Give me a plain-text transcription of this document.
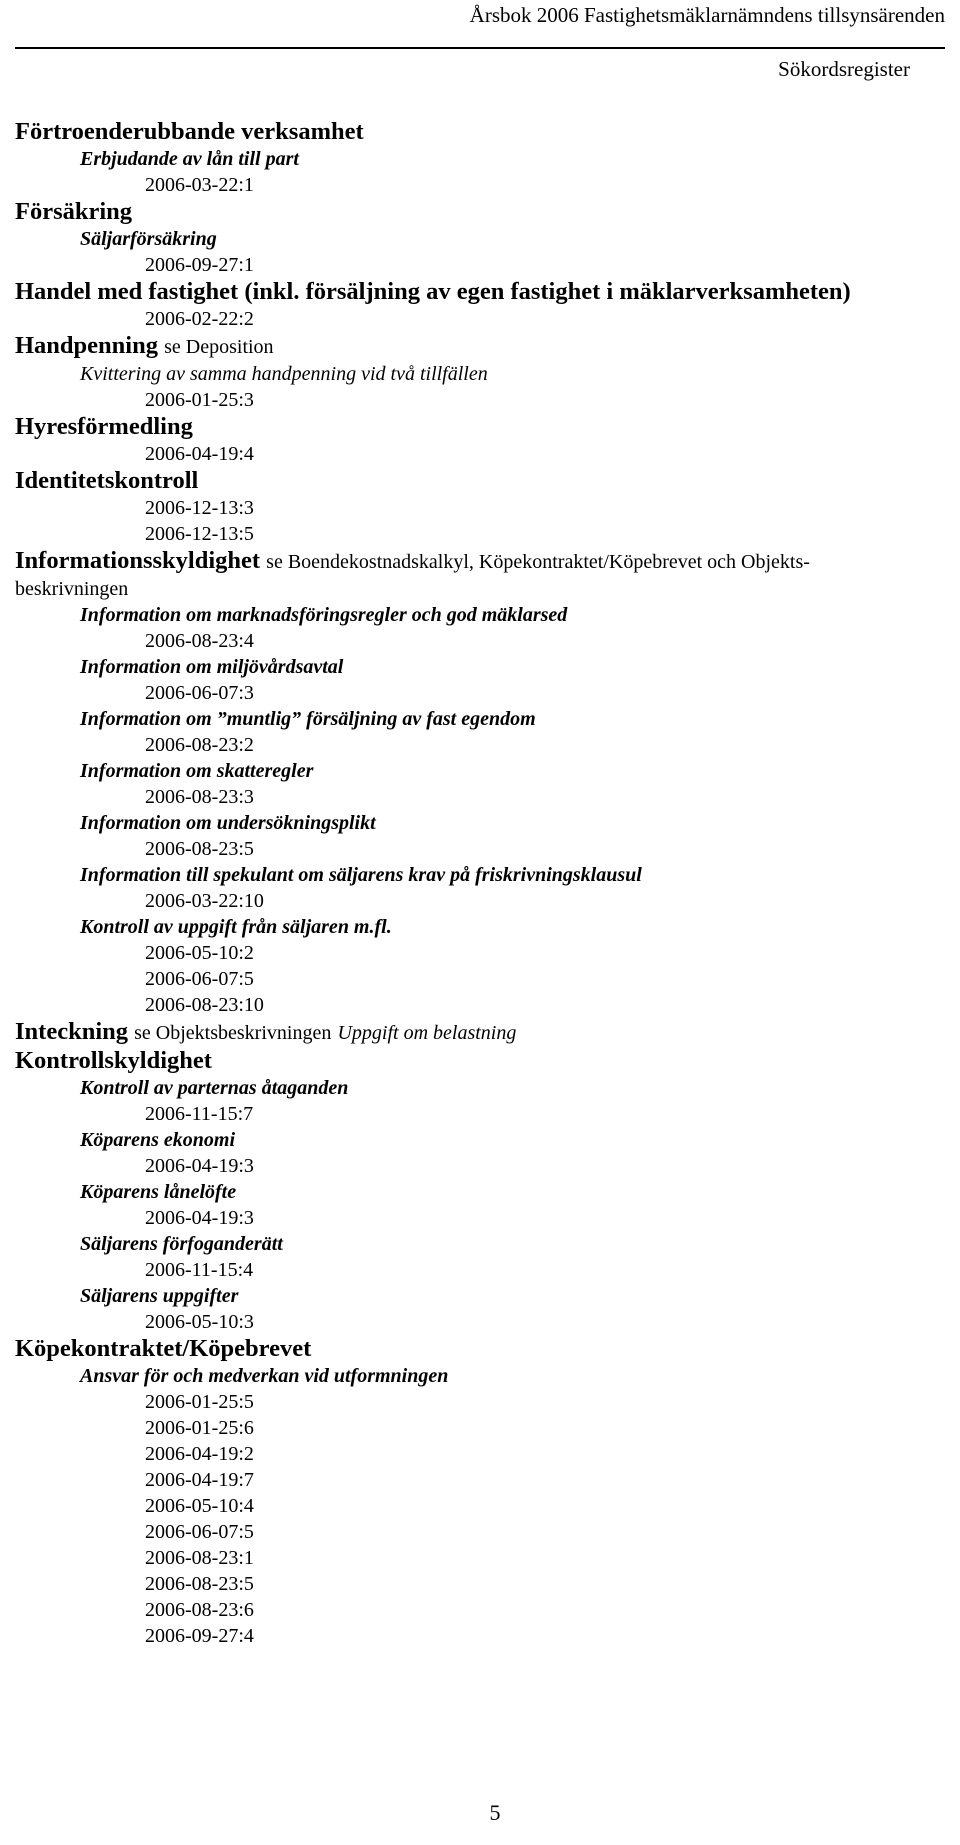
Årsbok 2006 Fastighetsmäklarnämndens tillsynsärenden
Sökordsregister
Förtroenderubbande verksamhet
Erbjudande av lån till part
2006-03-22:1
Försäkring
Säljarförsäkring
2006-09-27:1
Handel med fastighet (inkl. försäljning av egen fastighet i mäklarverksamheten)
2006-02-22:2
Handpenning se Deposition
Kvittering av samma handpenning vid två tillfällen
2006-01-25:3
Hyresförmedling
2006-04-19:4
Identitetskontroll
2006-12-13:3
2006-12-13:5
Informationsskyldighet se Boendekostnadskalkyl, Köpekontraktet/Köpebrevet och Objekts-
beskrivningen
Information om marknadsföringsregler och god mäklarsed
2006-08-23:4
Information om miljövårdsavtal
2006-06-07:3
Information om ”muntlig” försäljning av fast egendom
2006-08-23:2
Information om skatteregler
2006-08-23:3
Information om undersökningsplikt
2006-08-23:5
Information till spekulant om säljarens krav på friskrivningsklausul
2006-03-22:10
Kontroll av uppgift från säljaren m.fl.
2006-05-10:2
2006-06-07:5
2006-08-23:10
Inteckning se Objektsbeskrivningen Uppgift om belastning
Kontrollskyldighet
Kontroll av parternas åtaganden
2006-11-15:7
Köparens ekonomi
2006-04-19:3
Köparens lånelöfte
2006-04-19:3
Säljarens förfoganderätt
2006-11-15:4
Säljarens uppgifter
2006-05-10:3
Köpekontraktet/Köpebrevet
Ansvar för och medverkan vid utformningen
2006-01-25:5
2006-01-25:6
2006-04-19:2
2006-04-19:7
2006-05-10:4
2006-06-07:5
2006-08-23:1
2006-08-23:5
2006-08-23:6
2006-09-27:4
5
